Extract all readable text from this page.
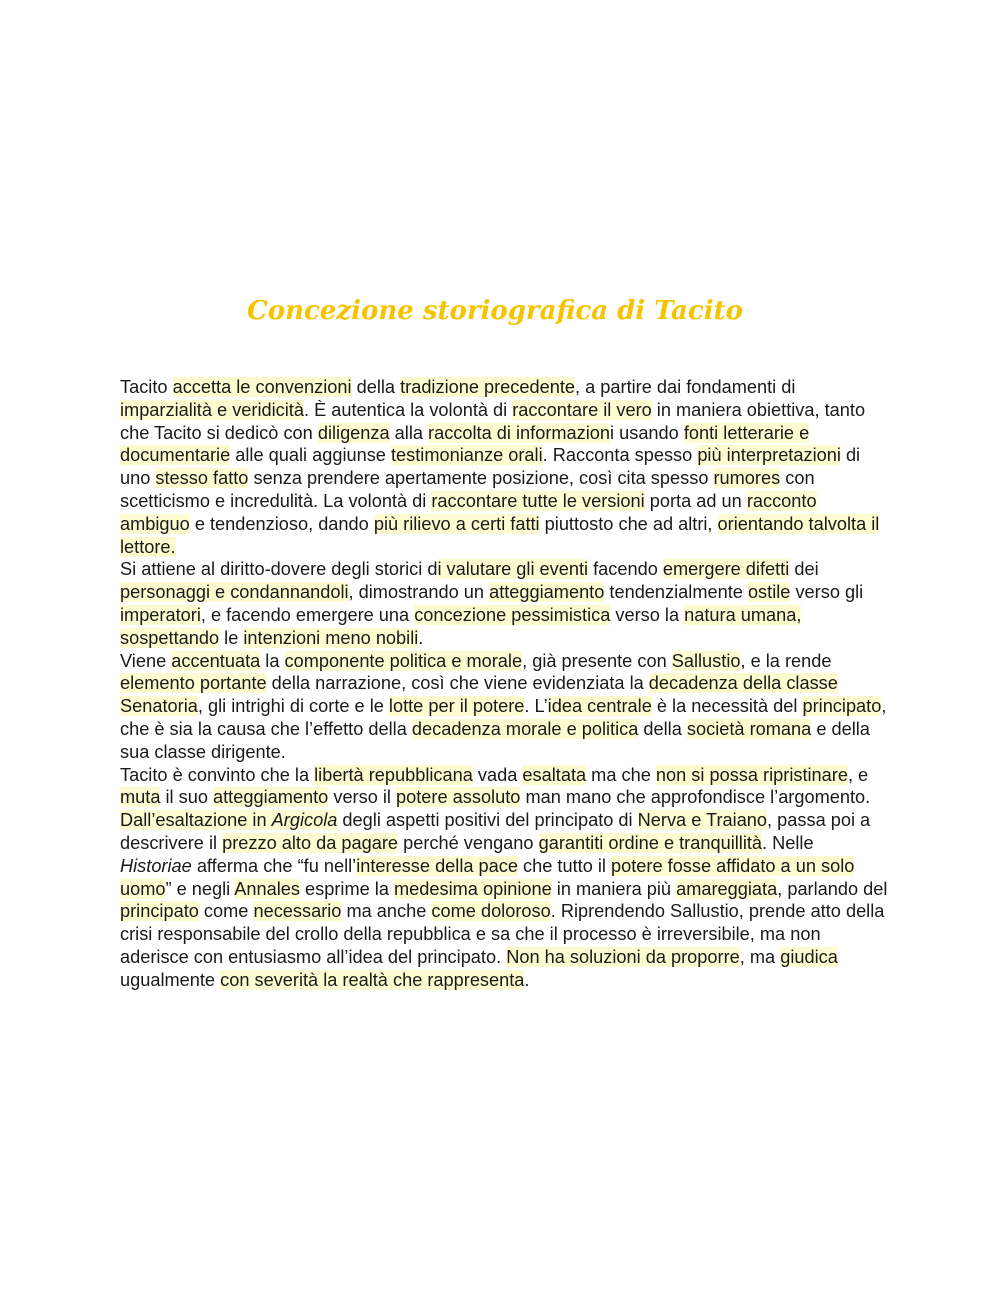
Concezione storiografica di Tacito

Tacito accetta le convenzioni della tradizione precedente, a partire dai fondamenti di imparzialità e veridicità. È autentica la volontà di raccontare il vero in maniera obiettiva, tanto che Tacito si dedicò con diligenza alla raccolta di informazioni usando fonti letterarie e documentarie alle quali aggiunse testimonianze orali. Racconta spesso più interpretazioni di uno stesso fatto senza prendere apertamente posizione, così cita spesso rumores con scetticismo e incredulità. La volontà di raccontare tutte le versioni porta ad un racconto ambiguo e tendenzioso, dando più rilievo a certi fatti piuttosto che ad altri, orientando talvolta il lettore.

Si attiene al diritto-dovere degli storici di valutare gli eventi facendo emergere difetti dei personaggi e condannandoli, dimostrando un atteggiamento tendenzialmente ostile verso gli imperatori, e facendo emergere una concezione pessimistica verso la natura umana, sospettando le intenzioni meno nobili.

Viene accentuata la componente politica e morale, già presente con Sallustio, e la rende elemento portante della narrazione, così che viene evidenziata la decadenza della classe Senatoria, gli intrighi di corte e le lotte per il potere. L’idea centrale è la necessità del principato, che è sia la causa che l’effetto della decadenza morale e politica della società romana e della sua classe dirigente.

Tacito è convinto che la libertà repubblicana vada esaltata ma che non si possa ripristinare, e muta il suo atteggiamento verso il potere assoluto man mano che approfondisce l’argomento. Dall’esaltazione in Argicola degli aspetti positivi del principato di Nerva e Traiano, passa poi a descrivere il prezzo alto da pagare perché vengano garantiti ordine e tranquillità. Nelle Historiae afferma che “fu nell’interesse della pace che tutto il potere fosse affidato a un solo uomo” e negli Annales esprime la medesima opinione in maniera più amareggiata, parlando del principato come necessario ma anche come doloroso. Riprendendo Sallustio, prende atto della crisi responsabile del crollo della repubblica e sa che il processo è irreversibile, ma non aderisce con entusiasmo all’idea del principato. Non ha soluzioni da proporre, ma giudica ugualmente con severità la realtà che rappresenta.
